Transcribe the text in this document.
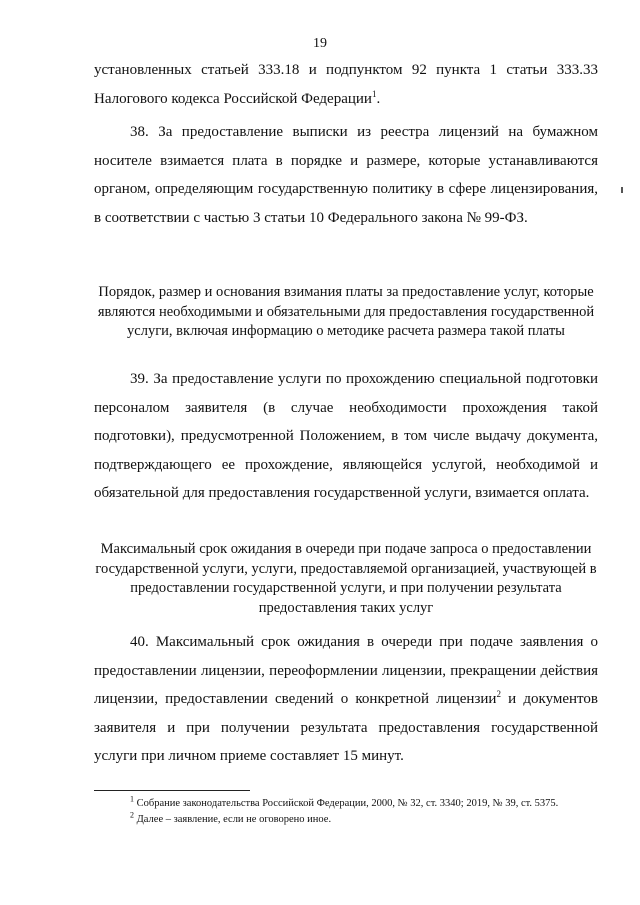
19

установленных статьей 333.18 и подпунктом 92 пункта 1 статьи 333.33 Налогового кодекса Российской Федерации$^1$.

38. За предоставление выписки из реестра лицензий на бумажном носителе взимается плата в порядке и размере, которые устанавливаются органом, определяющим государственную политику в сфере лицензирования, в соответствии с частью 3 статьи 10 Федерального закона № 99-ФЗ.

Порядок, размер и основания взимания платы за предоставление услуг, которые являются необходимыми и обязательными для предоставления государственной услуги, включая информацию о методике расчета размера такой платы

39. За предоставление услуги по прохождению специальной подготовки персоналом заявителя (в случае необходимости прохождения такой подготовки), предусмотренной Положением, в том числе выдачу документа, подтверждающего ее прохождение, являющейся услугой, необходимой и обязательной для предоставления государственной услуги, взимается оплата.

Максимальный срок ожидания в очереди при подаче запроса о предоставлении государственной услуги, услуги, предоставляемой организацией, участвующей в предоставлении государственной услуги, и при получении результата предоставления таких услуг

40. Максимальный срок ожидания в очереди при подаче заявления о предоставлении лицензии, переоформлении лицензии, прекращении действия лицензии, предоставлении сведений о конкретной лицензии$^2$ и документов заявителя и при получении результата предоставления государственной услуги при личном приеме составляет 15 минут.

$^1$ Собрание законодательства Российской Федерации, 2000, № 32, ст. 3340; 2019, № 39, ст. 5375.
$^2$ Далее – заявление, если не оговорено иное.
